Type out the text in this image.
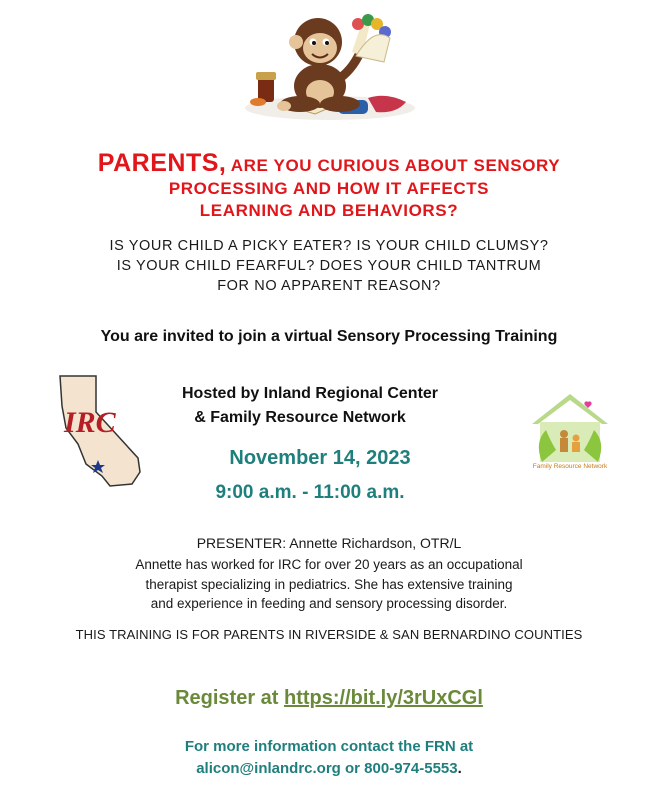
PARENTS, ARE YOU CURIOUS ABOUT SENSORY
PROCESSING AND HOW IT AFFECTS
LEARNING AND BEHAVIORS?
IS YOUR CHILD A PICKY EATER? IS YOUR CHILD CLUMSY?
IS YOUR CHILD FEARFUL? DOES YOUR CHILD TANTRUM
FOR NO APPARENT REASON?
You are invited to join a virtual Sensory Processing Training
IRC
Hosted by Inland Regional Center
& Family Resource Network
Family Resource Network
November 14, 2023
9:00 a.m. - 11:00 a.m.
PRESENTER: Annette Richardson, OTR/L
Annette has worked for IRC for over 20 years as an occupational
therapist specializing in pediatrics. She has extensive training
and experience in feeding and sensory processing disorder.
THIS TRAINING IS FOR PARENTS IN RIVERSIDE & SAN BERNARDINO COUNTIES
Register at https://bit.ly/3rUxCGl
For more information contact the FRN at
alicon@inlandrc.org or 800-974-5553.
